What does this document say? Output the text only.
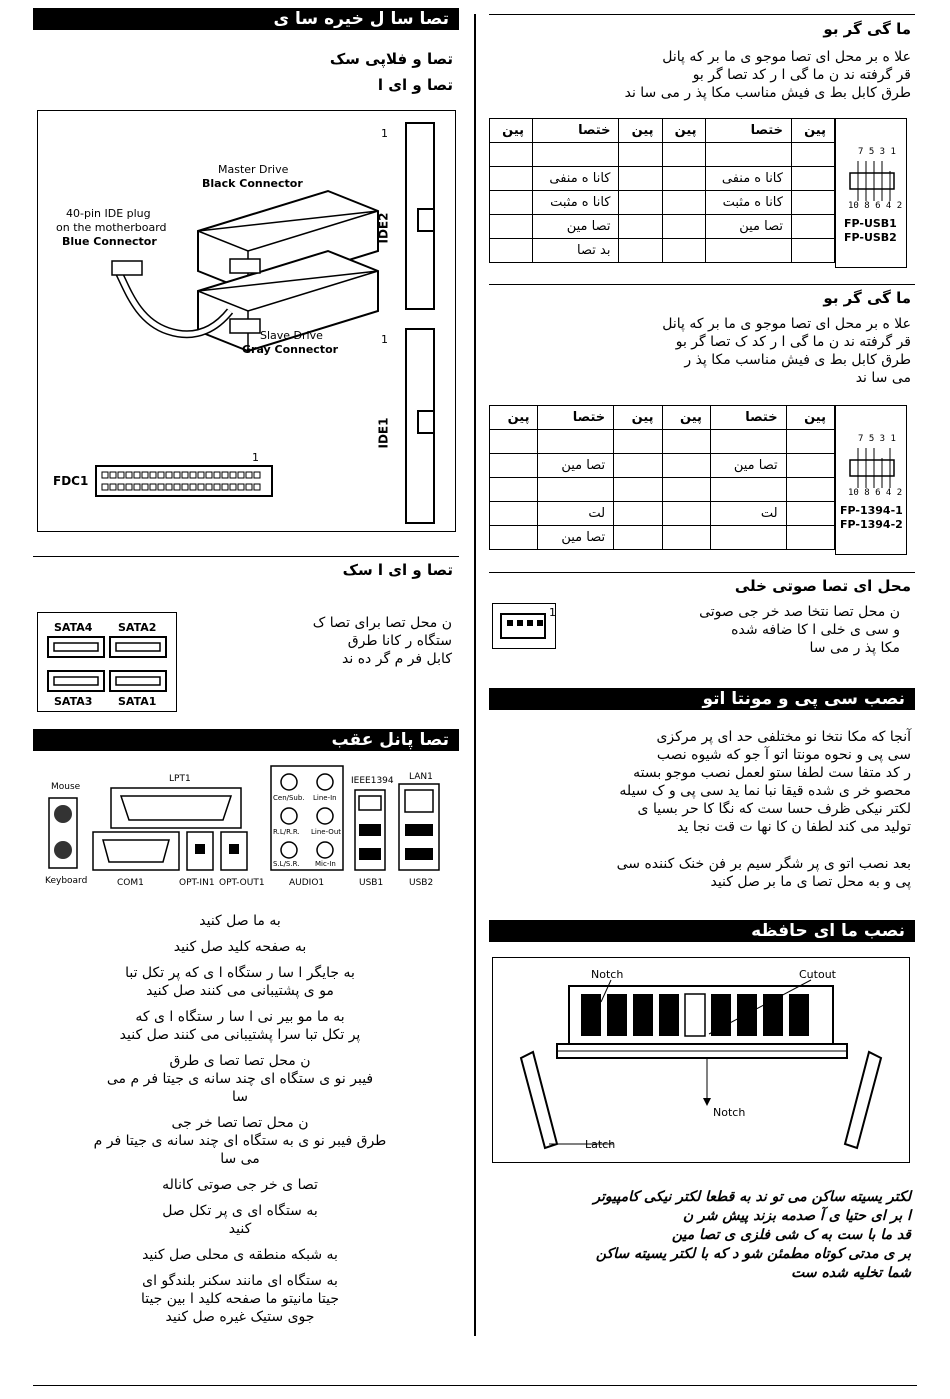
تصا سا ل خیره سا ی
تصا و فلاپی سک
تصا و ای ا
Master Drive
Black Connector
40-pin IDE plug
on the motherboard
Blue Connector
Slave Drive
Gray Connector
IDE2
IDE1
1
1
1
FDC1
تصا و ای ا سک
SATA4 SATA2
SATA3 SATA1
ن محل تصا برای تصا ک
ستگاه ر کانا طرق
کابل فر م گر ده ند
تصا پانل عقب
Mouse
LPT1
Cen/Sub. Line-In
R.L/R.R. Line-Out
S.L/S.R. Mic-In
IEEE1394 LAN1
Keyboard	COM1	OPT-IN1 OPT-OUT1	AUDIO1	USB1	USB2
به ما صل کنید
به صفحه کلید صل کنید
به جایگر ا سا ر ستگاه ا ی که پر تکل تبا
مو ی پشتیبانی می کنند صل کنید
به ما مو بیر نی ا سا ر ستگاه ا ی که
پر تکل تبا سرا پشتیبانی می کنند صل کنید
ن محل تصا تصا ی طرق
فیبر نو ی ستگاه ای چند سانه ی جیتا فر م می
سا
ن محل تصا تصا خر جی
طرق فیبر نو ی به ستگاه ای چند سانه ی جیتا فر م
می سا
تصا ی خر جی صوتی کاناله
به ستگاه ای ی پر تکل صل
کنید
به شبکه منطقه ی محلی صل کنید
به ستگاه ای مانند سکنر بلندگو ای
جیتا مانیتو ما صفحه کلید ا بین جیتا
جوی ستیک غیره صل کنید
ما گی گر بو
علا ه بر محل ای تصا موجو ی ما بر که پانل
قر گرفته ند ن ما گی ا ر کد تصا گر بو
طرق کابل بط ی فیش مناسب مکا پذ ر می سا ند
پین	ختصا	پین	پین	ختصا	پین

	کانا ه منفی			کانا ه منفی	
	کانا ه مثبت			کانا ه مثبت	
	تصا مین			تصا مین	
				بد تصا	
7 5 3 1
10 8 6 4 2
FP-USB1
FP-USB2
ما گی گر بو
علا ه بر محل ای تصا موجو ی ما بر که پانل
قر گرفته ند ن ما گی ا ر کد ک تصا گر بو
طرق کابل بط ی فیش مناسب مکا پذ ر
می سا ند
پین	ختصا	پین	پین	ختصا	پین

	تصا مین			تصا مین	

	لت			لت	
				تصا مین	
7 5 3 1
10 8 6 4 2
FP-1394-1
FP-1394-2
محل ای تصا صوتی خلی
1	ن محل تصا نتخا صد خر جی صوتی
و سی ی خلی ا کا ضافه شده
مکا پذ ر می سا
نصب سی پی و مونتا اتو
آنجا که مکا نتخا نو مختلفی حد ای پر مرکزی
سی پی و نحوه مونتا اتو آ جو که شیوه نصب
ر کد متفا ست لطفا ستو لعمل نصب موجو بسته
محصو خر ی شده قیقا نبا نما ید سی پی و ک سیله
لکتر نیکی ظرف حسا ست که نگا کا حر بسیا ی
تولید می کند لطفا ن کا نها ت قت نجا ید
بعد نصب اتو ی پر شگر سیم بر فن خنک کننده سی
پی و به محل تصا ی ما بر صل کنید
نصب ما ای حافظه
Notch	Cutout
Notch
Latch
لکتر یسیته ساکن می تو ند به قطعا لکتر نیکی کامپیوتر
ا بر ای حتیا ی آ صدمه بزند پیش شر ن
قد ما با ست به ک شی فلزی ی تصا مین
بر ی مدتی کوتاه مطمئن شو د که با لکتر یسیته ساکن
شما تخلیه شده ست
